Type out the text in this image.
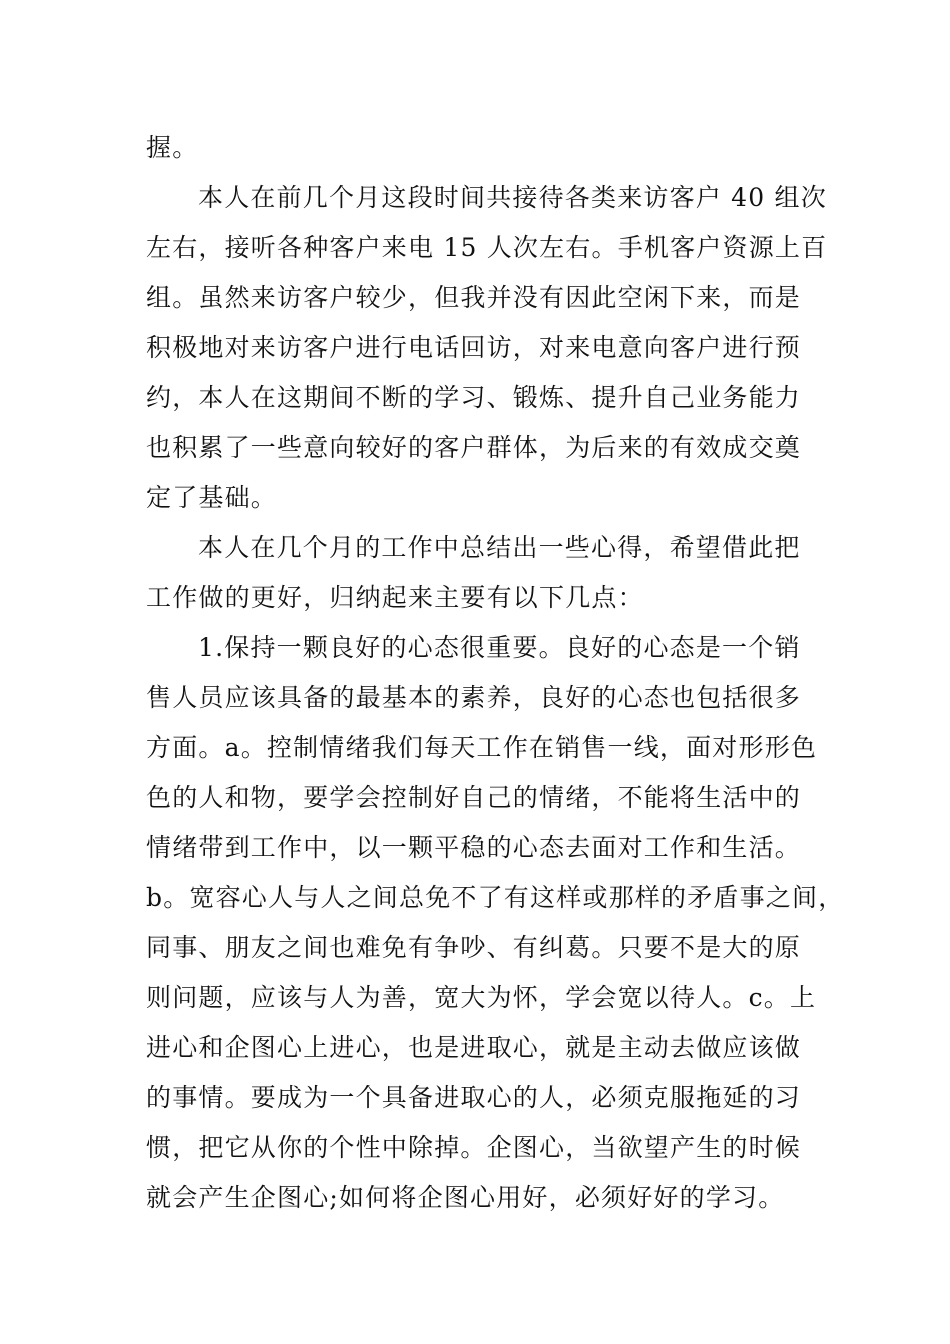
握。
本人在前几个月这段时间共接待各类来访客户 40 组次
左右，接听各种客户来电 15 人次左右。手机客户资源上百
组。虽然来访客户较少，但我并没有因此空闲下来，而是
积极地对来访客户进行电话回访，对来电意向客户进行预
约，本人在这期间不断的学习、锻炼、提升自己业务能力
也积累了一些意向较好的客户群体，为后来的有效成交奠
定了基础。
本人在几个月的工作中总结出一些心得，希望借此把
工作做的更好，归纳起来主要有以下几点：
1.保持一颗良好的心态很重要。良好的心态是一个销
售人员应该具备的最基本的素养，良好的心态也包括很多
方面。a。控制情绪我们每天工作在销售一线，面对形形色
色的人和物，要学会控制好自己的情绪，不能将生活中的
情绪带到工作中，以一颗平稳的心态去面对工作和生活。
b。宽容心人与人之间总免不了有这样或那样的矛盾事之间，
同事、朋友之间也难免有争吵、有纠葛。只要不是大的原
则问题，应该与人为善，宽大为怀，学会宽以待人。c。上
进心和企图心上进心，也是进取心，就是主动去做应该做
的事情。要成为一个具备进取心的人，必须克服拖延的习
惯，把它从你的个性中除掉。企图心，当欲望产生的时候
就会产生企图心;如何将企图心用好，必须好好的学习。
